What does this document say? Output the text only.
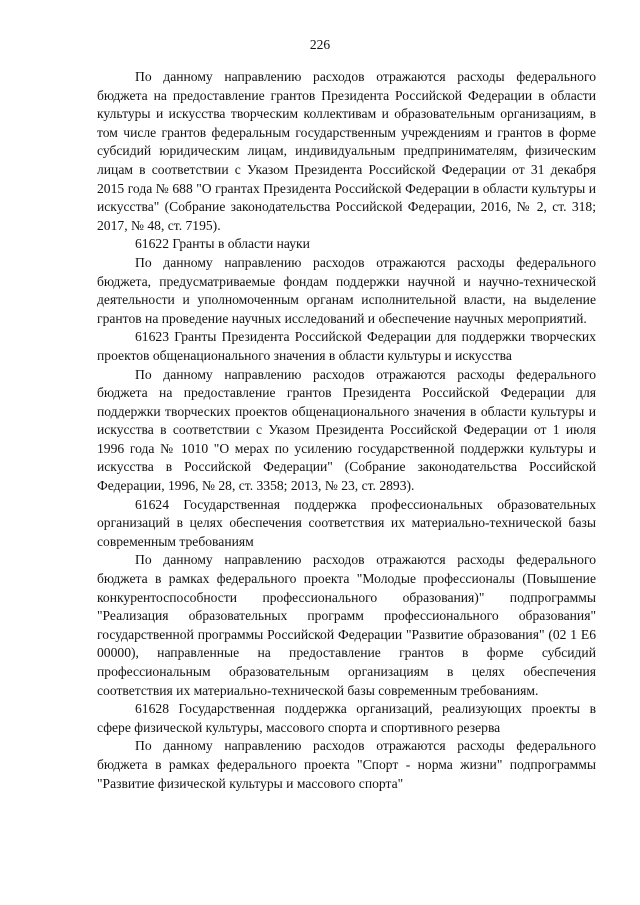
226

По данному направлению расходов отражаются расходы федерального бюджета на предоставление грантов Президента Российской Федерации в области культуры и искусства творческим коллективам и образовательным организациям, в том числе грантов федеральным государственным учреждениям и грантов в форме субсидий юридическим лицам, индивидуальным предпринимателям, физическим лицам в соответствии с Указом Президента Российской Федерации от 31 декабря 2015 года № 688 "О грантах Президента Российской Федерации в области культуры и искусства" (Собрание законодательства Российской Федерации, 2016, № 2, ст. 318; 2017, № 48, ст. 7195).

61622 Гранты в области науки

По данному направлению расходов отражаются расходы федерального бюджета, предусматриваемые фондам поддержки научной и научно-технической деятельности и уполномоченным органам исполнительной власти, на выделение грантов на проведение научных исследований и обеспечение научных мероприятий.

61623 Гранты Президента Российской Федерации для поддержки творческих проектов общенационального значения в области культуры и искусства

По данному направлению расходов отражаются расходы федерального бюджета на предоставление грантов Президента Российской Федерации для поддержки творческих проектов общенационального значения в области культуры и искусства в соответствии с Указом Президента Российской Федерации от 1 июля 1996 года № 1010 "О мерах по усилению государственной поддержки культуры и искусства в Российской Федерации" (Собрание законодательства Российской Федерации, 1996, № 28, ст. 3358; 2013, № 23, ст. 2893).

61624 Государственная поддержка профессиональных образовательных организаций в целях обеспечения соответствия их материально-технической базы современным требованиям

По данному направлению расходов отражаются расходы федерального бюджета в рамках федерального проекта "Молодые профессионалы (Повышение конкурентоспособности профессионального образования)" подпрограммы "Реализация образовательных программ профессионального образования" государственной программы Российской Федерации "Развитие образования" (02 1 Е6 00000), направленные на предоставление грантов в форме субсидий профессиональным образовательным организациям в целях обеспечения соответствия их материально-технической базы современным требованиям.

61628 Государственная поддержка организаций, реализующих проекты в сфере физической культуры, массового спорта и спортивного резерва

По данному направлению расходов отражаются расходы федерального бюджета в рамках федерального проекта "Спорт - норма жизни" подпрограммы "Развитие физической культуры и массового спорта"
